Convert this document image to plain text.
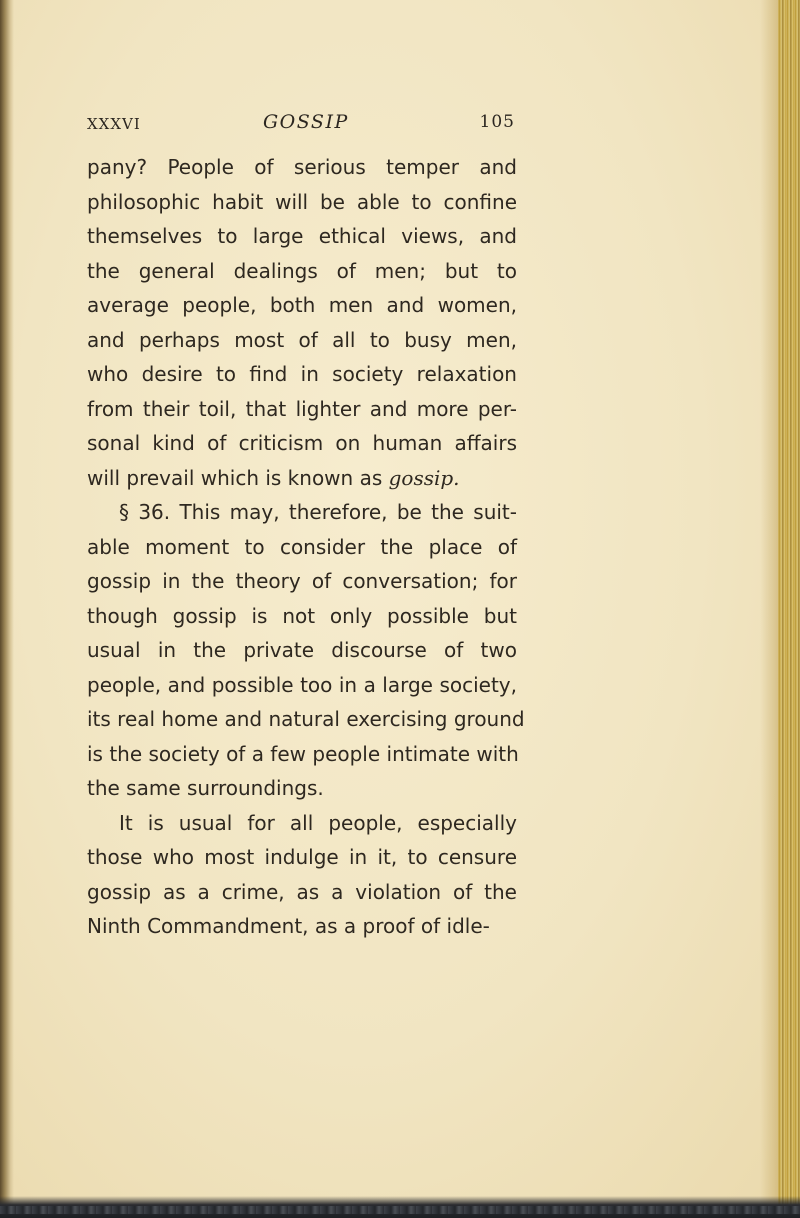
XXXVI	GOSSIP	105
pany? People of serious temper and
philosophic habit will be able to confine
themselves to large ethical views, and
the general dealings of men; but to
average people, both men and women,
and perhaps most of all to busy men,
who desire to find in society relaxation
from their toil, that lighter and more per-
sonal kind of criticism on human affairs
will prevail which is known as gossip.
§ 36. This may, therefore, be the suit-
able moment to consider the place of
gossip in the theory of conversation; for
though gossip is not only possible but
usual in the private discourse of two
people, and possible too in a large society,
its real home and natural exercising ground
is the society of a few people intimate with
the same surroundings.
It is usual for all people, especially
those who most indulge in it, to censure
gossip as a crime, as a violation of the
Ninth Commandment, as a proof of idle-
